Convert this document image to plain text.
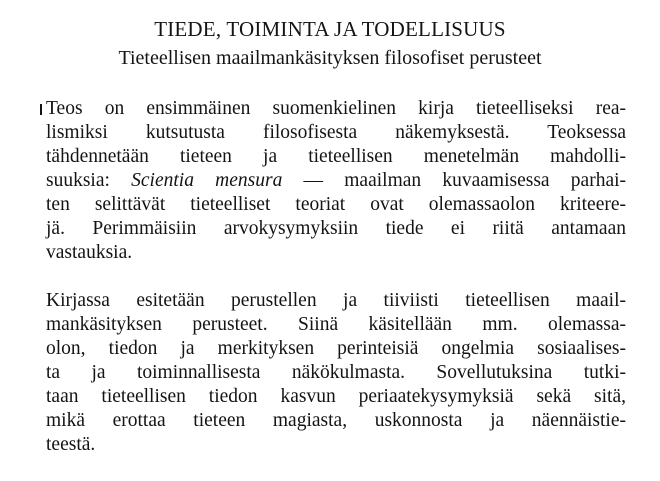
TIEDE, TOIMINTA JA TODELLISUUS
Tieteellisen maailmankäsityksen filosofiset perusteet
Teos on ensimmäinen suomenkielinen kirja tieteelliseksi rea-
lismiksi kutsutusta filosofisesta näkemyksestä. Teoksessa
tähdennetään tieteen ja tieteellisen menetelmän mahdolli-
suuksia: Scientia mensura — maailman kuvaamisessa parhai-
ten selittävät tieteelliset teoriat ovat olemassaolon kriteere-
jä. Perimmäisiin arvokysymyksiin tiede ei riitä antamaan
vastauksia.
Kirjassa esitetään perustellen ja tiiviisti tieteellisen maail-
mankäsityksen perusteet. Siinä käsitellään mm. olemassa-
olon, tiedon ja merkityksen perinteisiä ongelmia sosiaalises-
ta ja toiminnallisesta näkökulmasta. Sovellutuksina tutki-
taan tieteellisen tiedon kasvun periaatekysymyksiä sekä sitä,
mikä erottaa tieteen magiasta, uskonnosta ja näennäistie-
teestä.
